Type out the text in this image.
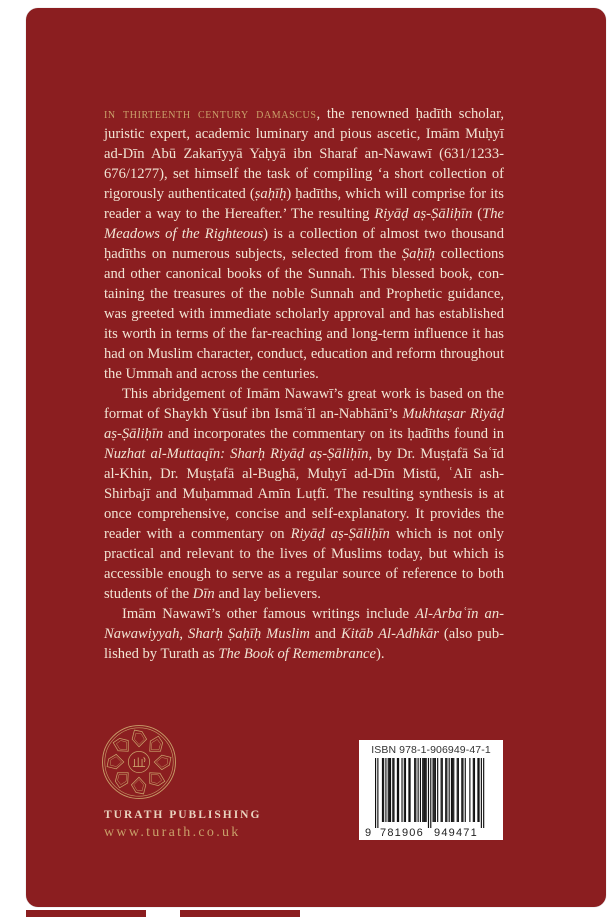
in thirteenth century damascus, the renowned ḥadīth scholar, juristic expert, academic luminary and pious ascetic, Imām Muḥyī ad-Dīn Abū Zakarīyyā Yaḥyā ibn Sharaf an-Nawawī (631/1233-676/1277), set himself the task of compiling ‘a short collection of rigorously authenticated (ṣaḥīḥ) ḥadīths, which will comprise for its reader a way to the Hereafter.’ The resulting Riyāḍ aṣ-Ṣāliḥīn (The Meadows of the Righteous) is a collection of almost two thousand ḥadīths on numerous subjects, selected from the Ṣaḥīḥ collections and other canonical books of the Sunnah. This blessed book, containing the treasures of the noble Sunnah and Prophetic guidance, was greeted with immediate scholarly approval and has established its worth in terms of the far-reaching and long-term influence it has had on Muslim character, conduct, education and reform throughout the Ummah and across the centuries.

This abridgement of Imām Nawawī’s great work is based on the format of Shaykh Yūsuf ibn Ismāʿīl an-Nabhānī’s Mukhtaṣar Riyāḍ aṣ-Ṣāliḥīn and incorporates the commentary on its ḥadīths found in Nuzhat al-Muttaqīn: Sharḥ Riyāḍ aṣ-Ṣāliḥīn, by Dr. Muṣṭafā Saʿīd al-Khin, Dr. Muṣṭafā al-Bughā, Muḥyī ad-Dīn Mistū, ʿAlī ash-Shirbajī and Muḥammad Amīn Luṭfī. The resulting synthesis is at once comprehensive, concise and self-explanatory. It provides the reader with a commentary on Riyāḍ aṣ-Ṣāliḥīn which is not only practical and relevant to the lives of Muslims today, but which is accessible enough to serve as a regular source of reference to both students of the Dīn and lay believers.

Imām Nawawī’s other famous writings include Al-Arbaʿīn an-Nawawiyyah, Sharḥ Ṣaḥīḥ Muslim and Kitāb Al-Adhkār (also published by Turath as The Book of Remembrance).

TURATH PUBLISHING
www.turath.co.uk
ISBN 978-1-906949-47-1
9 781906 949471
